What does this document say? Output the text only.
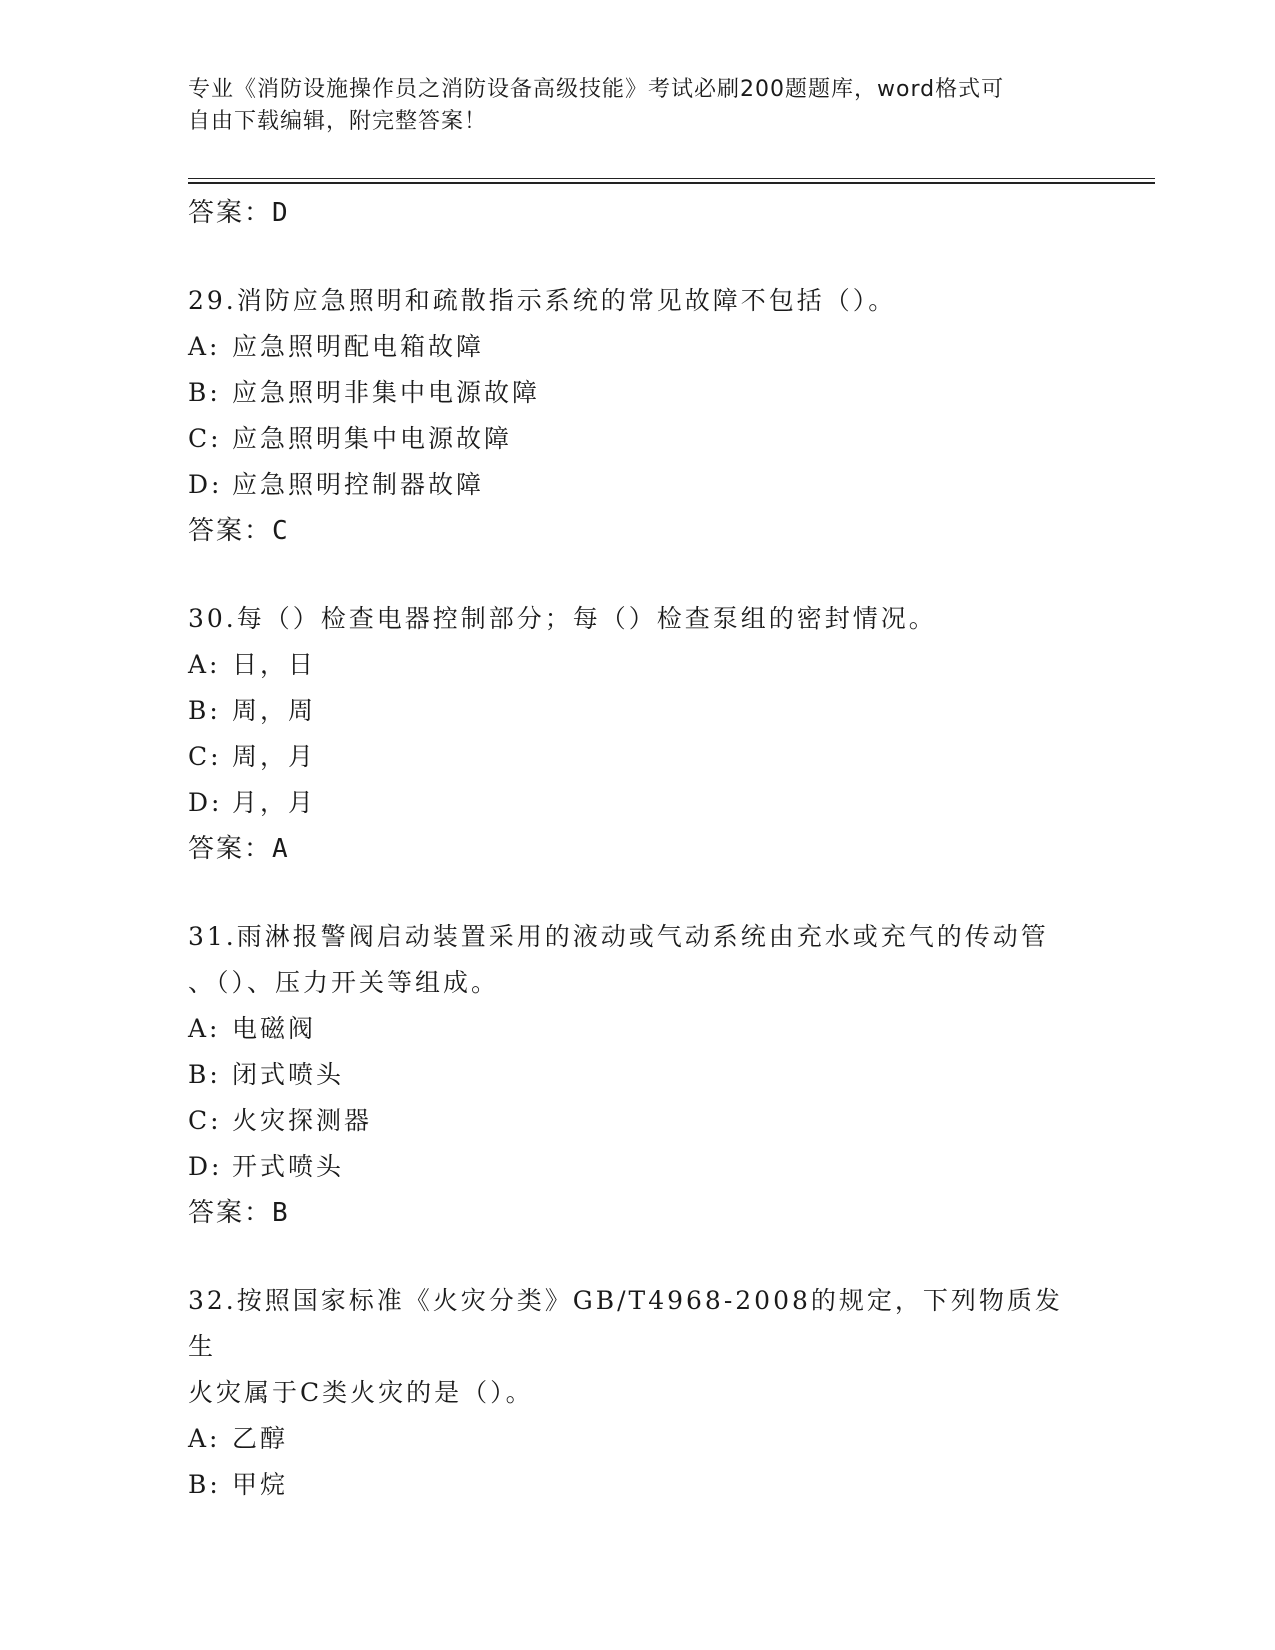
专业《消防设施操作员之消防设备高级技能》考试必刷200题题库，word格式可
自由下载编辑，附完整答案！
答案：D
29.消防应急照明和疏散指示系统的常见故障不包括（）。
A: 应急照明配电箱故障
B: 应急照明非集中电源故障
C: 应急照明集中电源故障
D: 应急照明控制器故障
答案：C
30.每（）检查电器控制部分；每（）检查泵组的密封情况。
A: 日，日
B: 周，周
C: 周，月
D: 月，月
答案：A
31.雨淋报警阀启动装置采用的液动或气动系统由充水或充气的传动管
、（）、压力开关等组成。
A: 电磁阀
B: 闭式喷头
C: 火灾探测器
D: 开式喷头
答案：B
32.按照国家标准《火灾分类》GB/T4968-2008的规定，下列物质发生
火灾属于C类火灾的是（）。
A: 乙醇
B: 甲烷
